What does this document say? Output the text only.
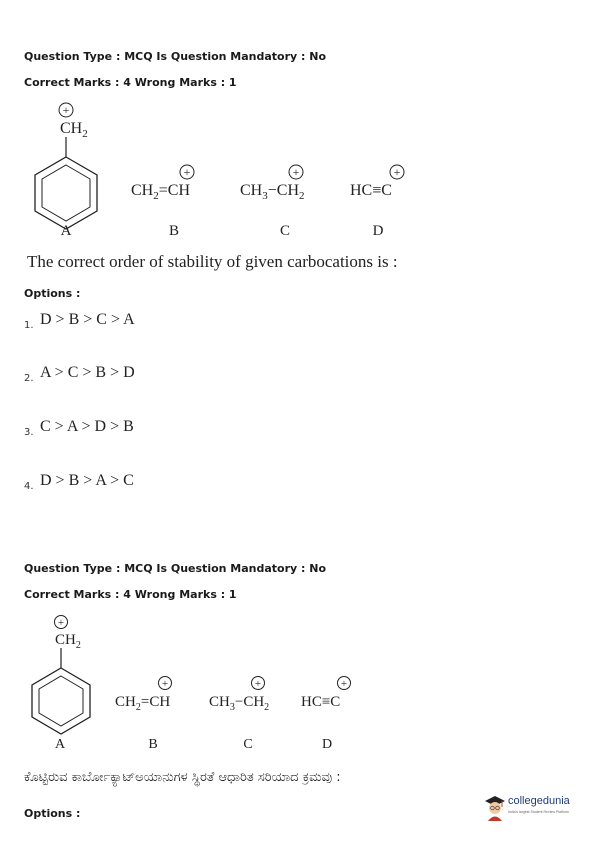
Question Type : MCQ Is Question Mandatory : No
Correct Marks : 4 Wrong Marks : 1
+
$CH_2$
A
+
$CH_2=CH$
B
+
$CH_3-CH_2$
C
+
HC≡C
D
+
$CH_2$
A
+
$CH_2=CH$
B
+
$CH_3-CH_2$
C
+
HC≡C
D
The correct order of stability of given carbocations is :
Options :
1. D > B > C > A
2. A > C > B > D
3. C > A > D > B
4. D > B > A > C
Question Type : MCQ Is Question Mandatory : No
Correct Marks : 4 Wrong Marks : 1
ಕೊಟ್ಟಿರುವ ಕಾರ್ಬೋಕ್ಯಾಟ್‌ಅಯಾನುಗಳ ಸ್ಥಿರತೆ ಆಧಾರಿತ ಸರಿಯಾದ ಕ್ರಮವು :
Options :
collegedunia
India's largest Student Review Platform
